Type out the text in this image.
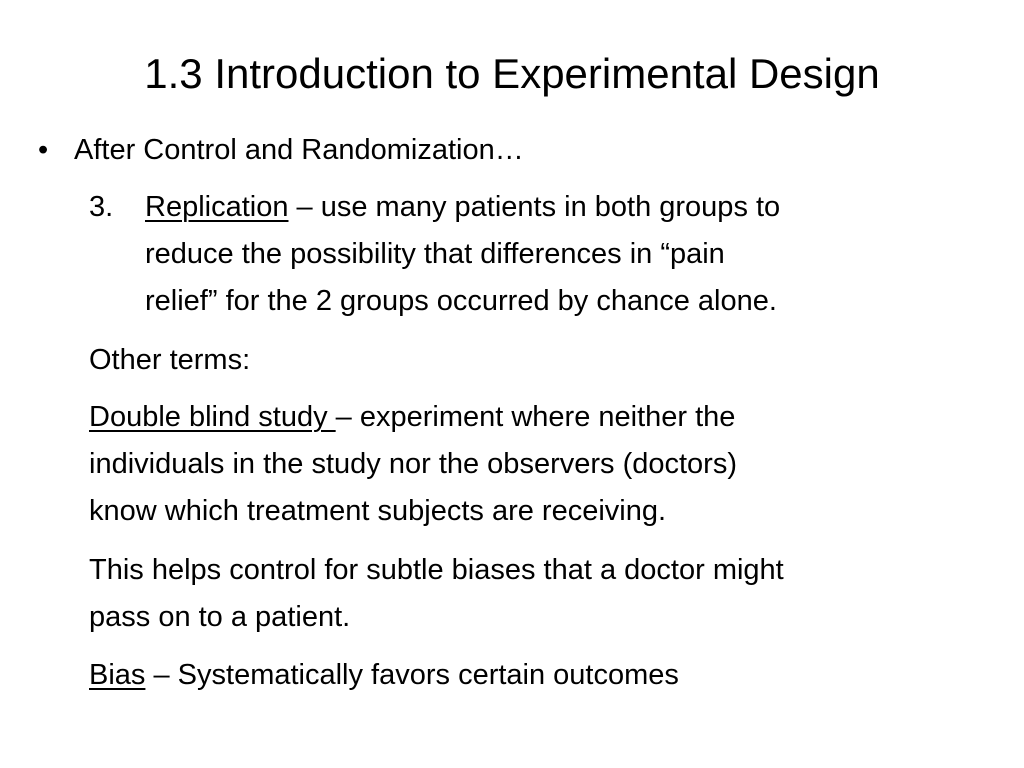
1.3 Introduction to Experimental Design
• After Control and Randomization…
3. Replication – use many patients in both groups to
reduce the possibility that differences in “pain
relief” for the 2 groups occurred by chance alone.
Other terms:
Double blind study – experiment where neither the
individuals in the study nor the observers (doctors)
know which treatment subjects are receiving.
This helps control for subtle biases that a doctor might
pass on to a patient.
Bias – Systematically favors certain outcomes
